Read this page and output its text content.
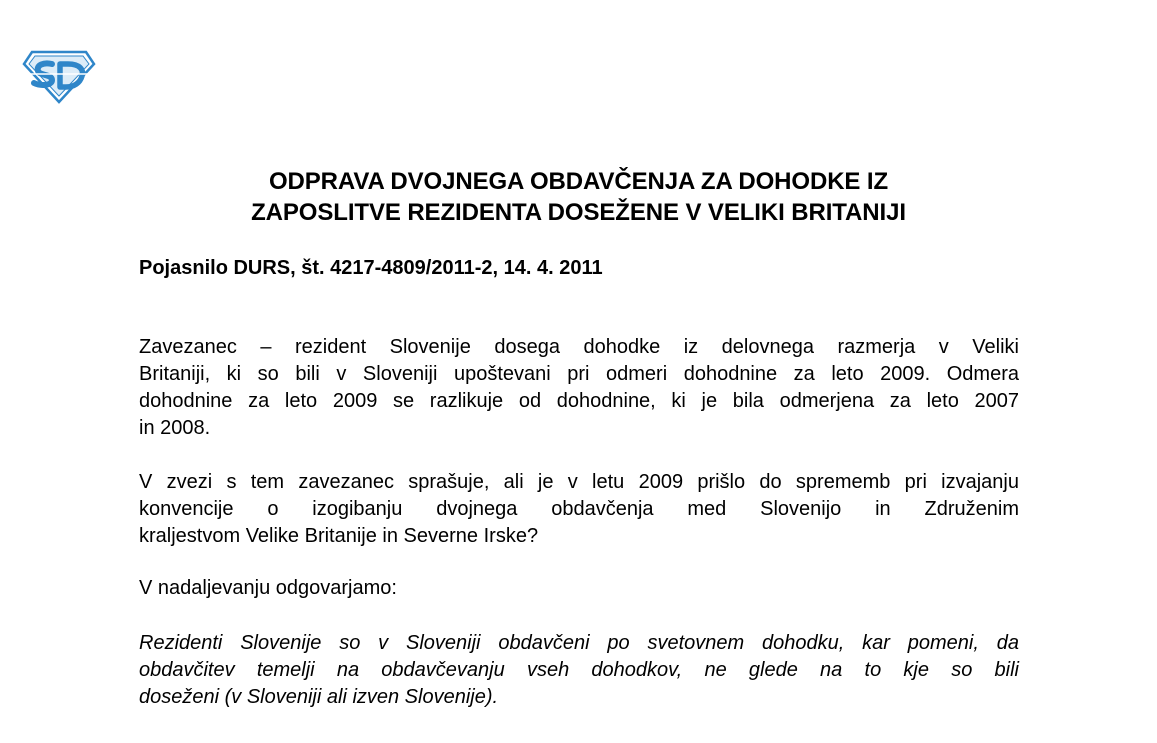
ODPRAVA DVOJNEGA OBDAVČENJA ZA DOHODKE IZ
ZAPOSLITVE REZIDENTA DOSEŽENE V VELIKI BRITANIJI
Pojasnilo DURS, št. 4217-4809/2011-2, 14. 4. 2011
Zavezanec – rezident Slovenije dosega dohodke iz delovnega razmerja v Veliki
Britaniji, ki so bili v Sloveniji upoštevani pri odmeri dohodnine za leto 2009. Odmera
dohodnine za leto 2009 se razlikuje od dohodnine, ki je bila odmerjena za leto 2007
in 2008.
V zvezi s tem zavezanec sprašuje, ali je v letu 2009 prišlo do sprememb pri izvajanju
konvencije o izogibanju dvojnega obdavčenja med Slovenijo in Združenim
kraljestvom Velike Britanije in Severne Irske?
V nadaljevanju odgovarjamo:
Rezidenti Slovenije so v Sloveniji obdavčeni po svetovnem dohodku, kar pomeni, da
obdavčitev temelji na obdavčevanju vseh dohodkov, ne glede na to kje so bili
doseženi (v Sloveniji ali izven Slovenije).
